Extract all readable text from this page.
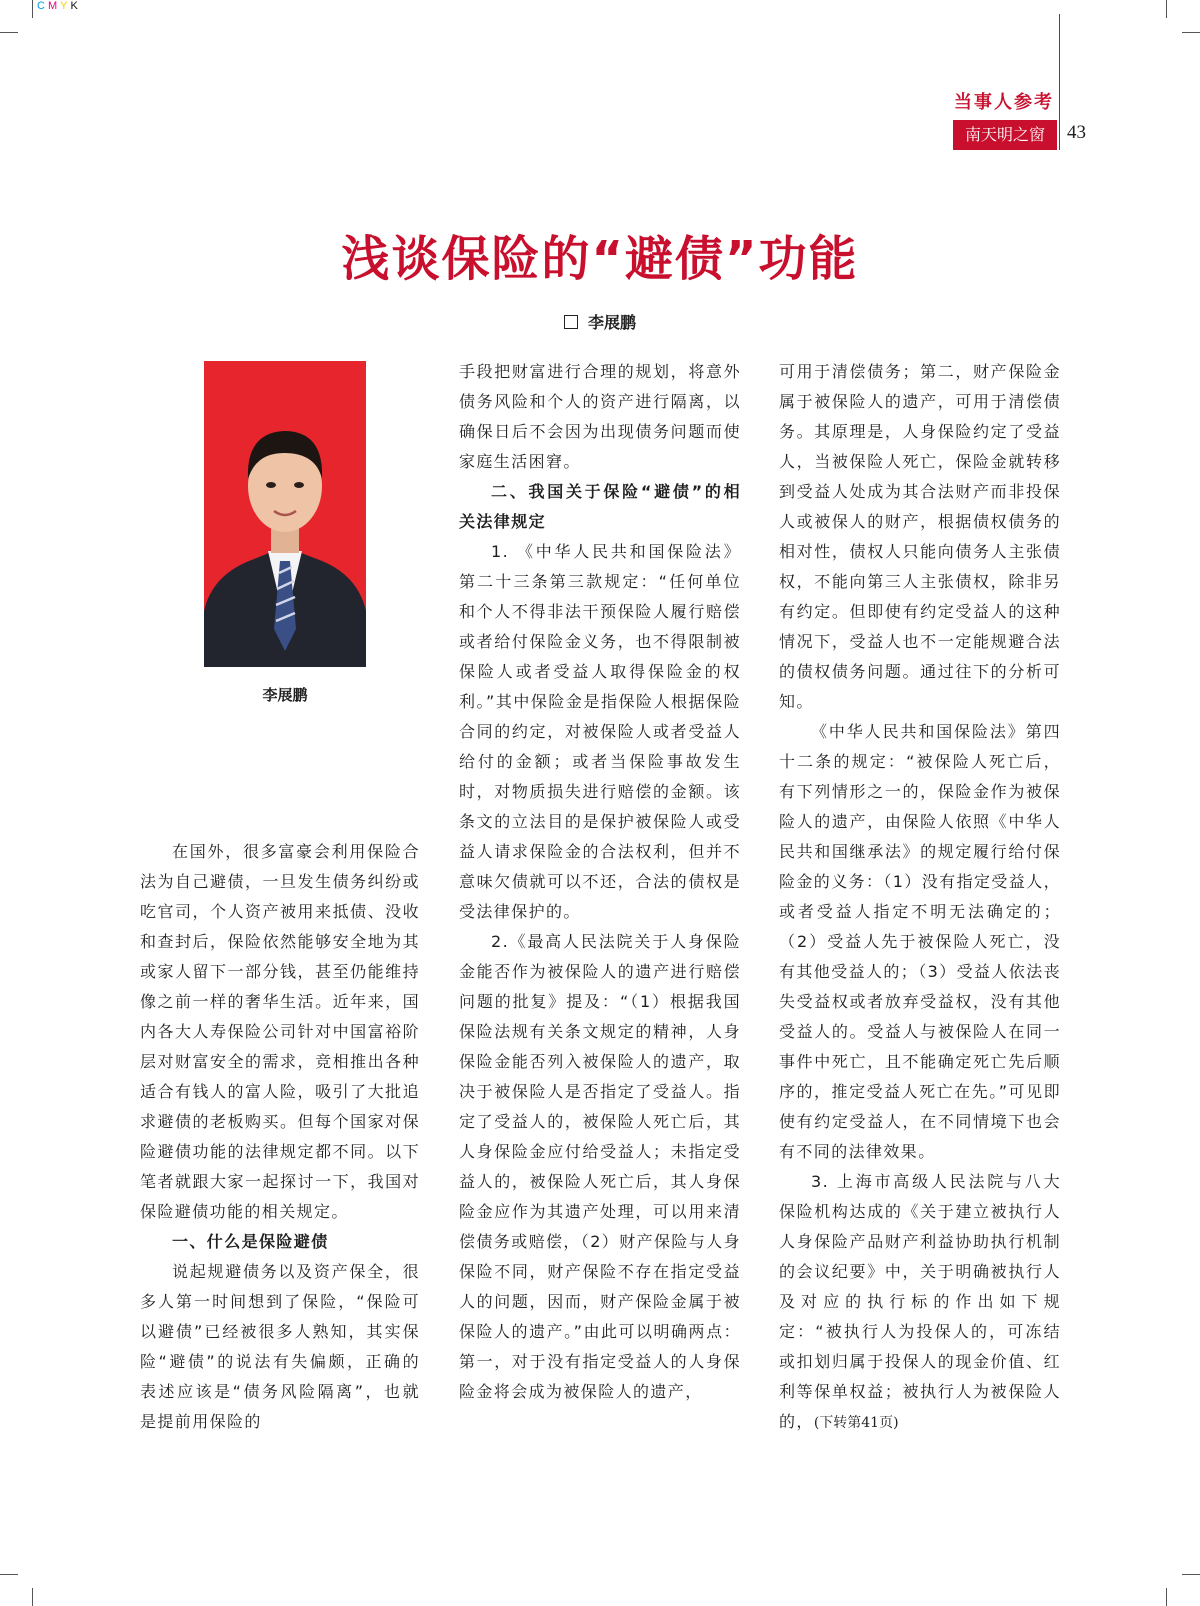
CMYK
当事人参考
南天明之窗	43
浅谈保险的“避债”功能
李展鹏
李展鹏

在国外，很多富豪会利用保险合法为自己避债，一旦发生债务纠纷或吃官司，个人资产被用来抵债、没收和查封后，保险依然能够安全地为其或家人留下一部分钱，甚至仍能维持像之前一样的奢华生活。近年来，国内各大人寿保险公司针对中国富裕阶层对财富安全的需求，竞相推出各种适合有钱人的富人险，吸引了大批追求避债的老板购买。但每个国家对保险避债功能的法律规定都不同。以下笔者就跟大家一起探讨一下，我国对保险避债功能的相关规定。

一、什么是保险避债

说起规避债务以及资产保全，很多人第一时间想到了保险，“保险可以避债”已经被很多人熟知，其实保险“避债”的说法有失偏颇，正确的表述应该是“债务风险隔离”，也就是提前用保险的

手段把财富进行合理的规划，将意外债务风险和个人的资产进行隔离，以确保日后不会因为出现债务问题而使家庭生活困窘。

二、我国关于保险“避债”的相关法律规定

1. 《中华人民共和国保险法》第二十三条第三款规定：“任何单位和个人不得非法干预保险人履行赔偿或者给付保险金义务，也不得限制被保险人或者受益人取得保险金的权利。”其中保险金是指保险人根据保险合同的约定，对被保险人或者受益人给付的金额；或者当保险事故发生时，对物质损失进行赔偿的金额。该条文的立法目的是保护被保险人或受益人请求保险金的合法权利，但并不意味欠债就可以不还，合法的债权是受法律保护的。

2.《最高人民法院关于人身保险金能否作为被保险人的遗产进行赔偿问题的批复》提及：“（1）根据我国保险法规有关条文规定的精神，人身保险金能否列入被保险人的遗产，取决于被保险人是否指定了受益人。指定了受益人的，被保险人死亡后，其人身保险金应付给受益人；未指定受益人的，被保险人死亡后，其人身保险金应作为其遗产处理，可以用来清偿债务或赔偿，（2）财产保险与人身保险不同，财产保险不存在指定受益人的问题，因而，财产保险金属于被保险人的遗产。”由此可以明确两点：第一，对于没有指定受益人的人身保险金将会成为被保险人的遗产，

可用于清偿债务；第二，财产保险金属于被保险人的遗产，可用于清偿债务。其原理是，人身保险约定了受益人，当被保险人死亡，保险金就转移到受益人处成为其合法财产而非投保人或被保人的财产，根据债权债务的相对性，债权人只能向债务人主张债权，不能向第三人主张债权，除非另有约定。但即使有约定受益人的这种情况下，受益人也不一定能规避合法的债权债务问题。通过往下的分析可知。

《中华人民共和国保险法》第四十二条的规定：“被保险人死亡后，有下列情形之一的，保险金作为被保险人的遗产，由保险人依照《中华人民共和国继承法》的规定履行给付保险金的义务：（1）没有指定受益人，或者受益人指定不明无法确定的；（2）受益人先于被保险人死亡，没有其他受益人的；（3）受益人依法丧失受益权或者放弃受益权，没有其他受益人的。受益人与被保险人在同一事件中死亡，且不能确定死亡先后顺序的，推定受益人死亡在先。”可见即使有约定受益人，在不同情境下也会有不同的法律效果。

3. 上海市高级人民法院与八大保险机构达成的《关于建立被执行人人身保险产品财产利益协助执行机制的会议纪要》中，关于明确被执行人及对应的执行标的作出如下规定：“被执行人为投保人的，可冻结或扣划归属于投保人的现金价值、红利等保单权益；被执行人为被保险人的，(下转第41页)
